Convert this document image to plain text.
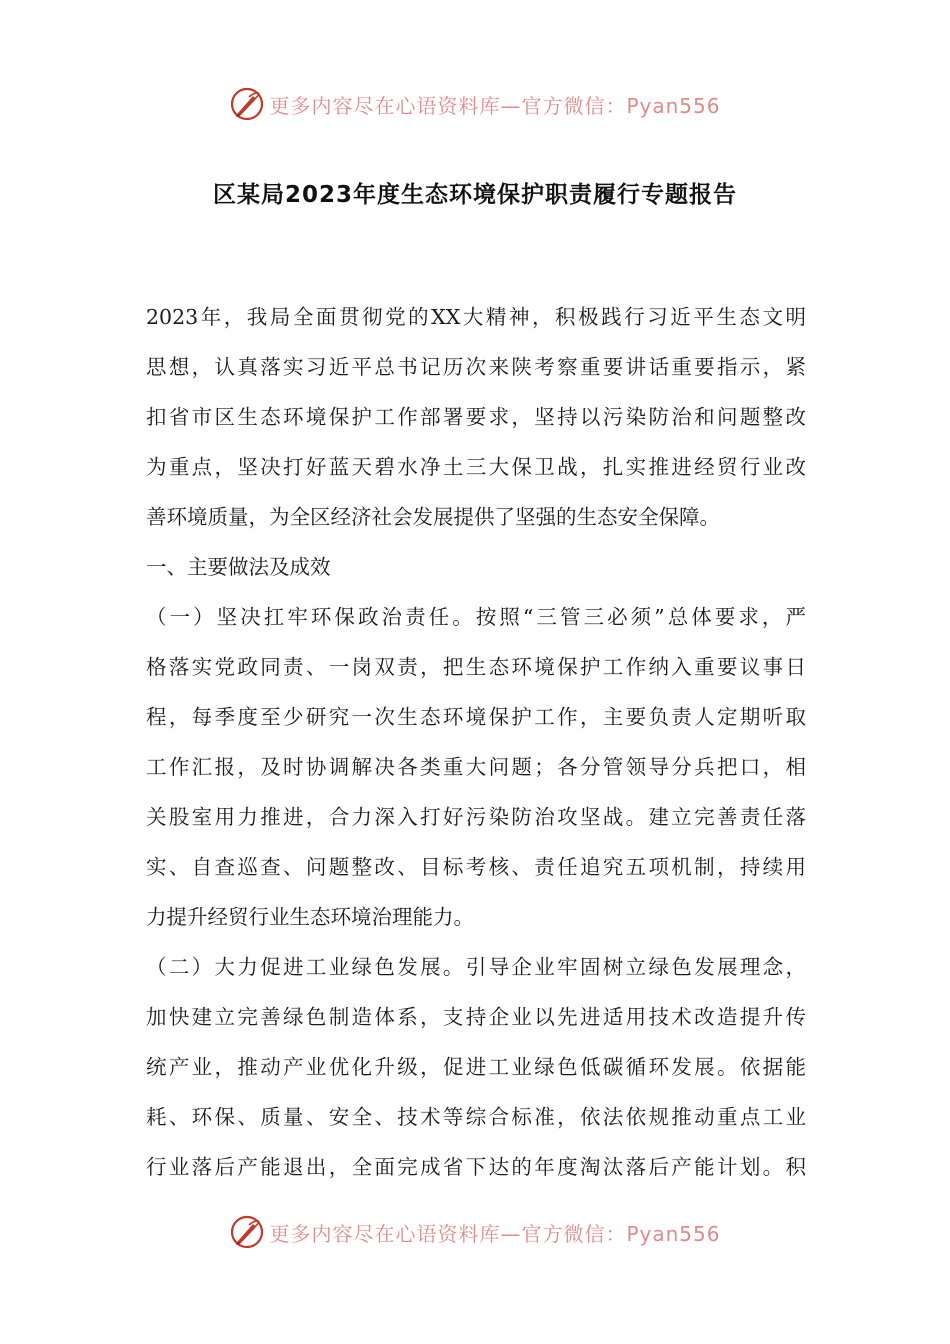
更多内容尽在心语资料库—官方微信：Pyan556
区某局2023年度生态环境保护职责履行专题报告
2023年，我局全面贯彻党的XX大精神，积极践行习近平生态文明
思想，认真落实习近平总书记历次来陕考察重要讲话重要指示，紧
扣省市区生态环境保护工作部署要求，坚持以污染防治和问题整改
为重点，坚决打好蓝天碧水净土三大保卫战，扎实推进经贸行业改
善环境质量，为全区经济社会发展提供了坚强的生态安全保障。
一、主要做法及成效
（一）坚决扛牢环保政治责任。按照“三管三必须”总体要求，严
格落实党政同责、一岗双责，把生态环境保护工作纳入重要议事日
程，每季度至少研究一次生态环境保护工作，主要负责人定期听取
工作汇报，及时协调解决各类重大问题；各分管领导分兵把口，相
关股室用力推进，合力深入打好污染防治攻坚战。建立完善责任落
实、自查巡查、问题整改、目标考核、责任追究五项机制，持续用
力提升经贸行业生态环境治理能力。
（二）大力促进工业绿色发展。引导企业牢固树立绿色发展理念，
加快建立完善绿色制造体系，支持企业以先进适用技术改造提升传
统产业，推动产业优化升级，促进工业绿色低碳循环发展。依据能
耗、环保、质量、安全、技术等综合标准，依法依规推动重点工业
行业落后产能退出，全面完成省下达的年度淘汰落后产能计划。积
更多内容尽在心语资料库—官方微信：Pyan556
